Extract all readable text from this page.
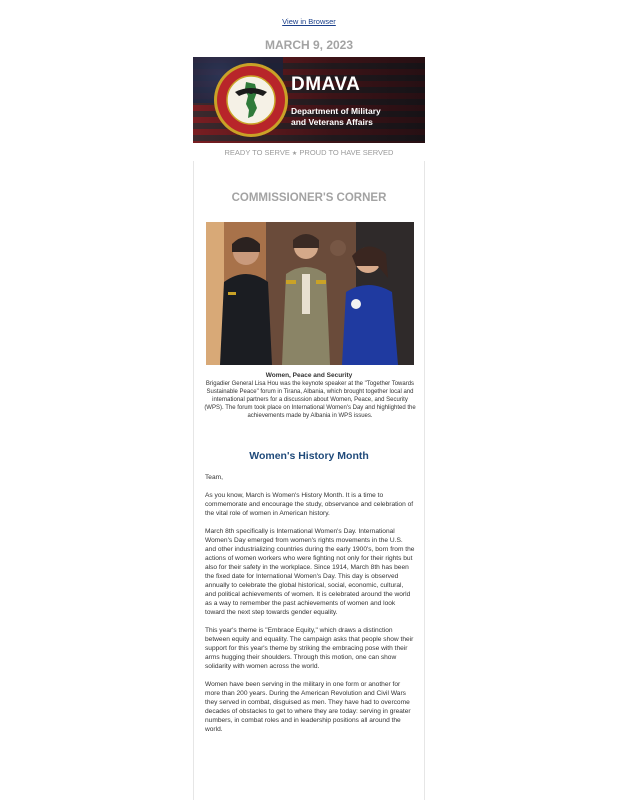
View in Browser
MARCH 9, 2023
DMAVA
Department of Military
and Veterans Affairs
READY TO SERVE ★ PROUD TO HAVE SERVED
COMMISSIONER'S CORNER
Women, Peace and Security
Brigadier General Lisa Hou was the keynote speaker at the "Together Towards Sustainable Peace" forum in Tirana, Albania, which brought together local and international partners for a discussion about Women, Peace, and Security (WPS). The forum took place on International Women's Day and highlighted the achievements made by Albania in WPS issues.
Women's History Month

Team,

As you know, March is Women's History Month. It is a time to commemorate and encourage the study, observance and celebration of the vital role of women in American history.

March 8th specifically is International Women's Day. International Women's Day emerged from women's rights movements in the U.S. and other industrializing countries during the early 1900's, born from the actions of women workers who were fighting not only for their rights but also for their safety in the workplace. Since 1914, March 8th has been the fixed date for International Women's Day. This day is observed annually to celebrate the global historical, social, economic, cultural, and political achievements of women. It is celebrated around the world as a way to remember the past achievements of women and look toward the next step towards gender equality.

This year's theme is "Embrace Equity," which draws a distinction between equity and equality. The campaign asks that people show their support for this year's theme by striking the embracing pose with their arms hugging their shoulders. Through this motion, one can show solidarity with women across the world.

Women have been serving in the military in one form or another for more than 200 years. During the American Revolution and Civil Wars they served in combat, disguised as men. They have had to overcome decades of obstacles to get to where they are today: serving in greater numbers, in combat roles and in leadership positions all around the world.
